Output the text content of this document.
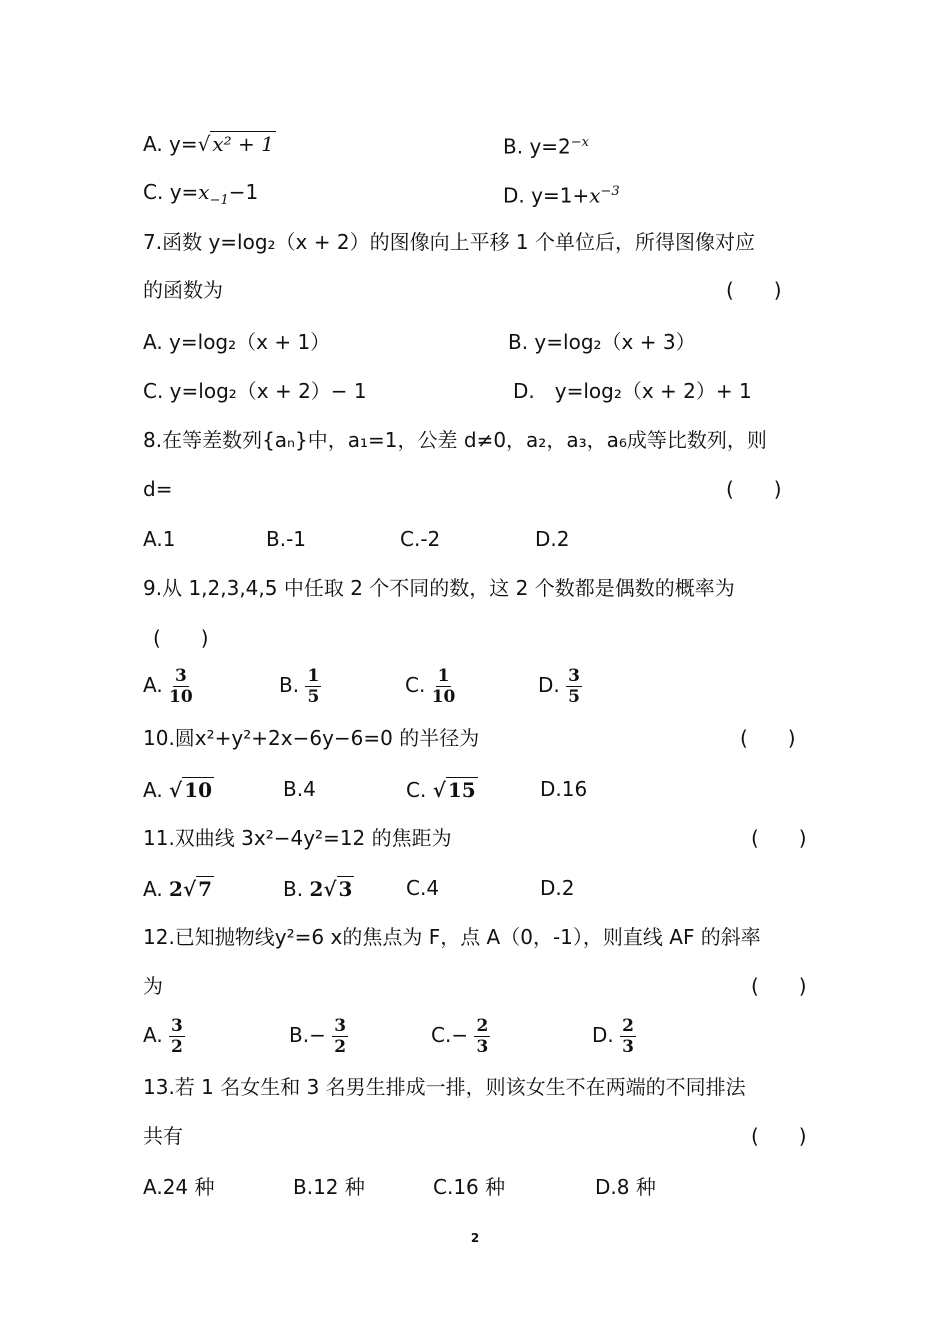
A. y=√ x² + 1	B. $y=2^{-x}$
C. $y=x_{-1}-1$	D. $y=1+x^{-3}$
7.函数 y=log₂（x + 2）的图像向上平移 1 个单位后，所得图像对应
的函数为	(　　)
A. y=log₂（x + 1）	B. y=log₂（x + 3）
C. y=log₂（x + 2）− 1	D.　y=log₂（x + 2）+ 1
8.在等差数列{aₙ}中，a₁=1，公差 d≠0，a₂，a₃，a₆成等比数列，则
d=	(　　)
A.1	B.-1	C.-2	D.2
9.从 1,2,3,4,5 中任取 2 个不同的数，这 2 个数都是偶数的概率为
(　　)
A. $\frac{3}{10}$	B. $\frac{1}{5}$	C. $\frac{1}{10}$	D. $\frac{3}{5}$
10.圆x²+y²+2x−6y−6=0 的半径为	(　　)
A. √ 10	B.4	C. √ 15	D.16
11.双曲线 3x²−4y²=12 的焦距为	(　　)
A. 2√ 7	B. 2√ 3	C.4	D.2
12.已知抛物线y²=6 x的焦点为 F，点 A（0，-1），则直线 AF 的斜率
为	(　　)
A. $\frac{3}{2}$	$B.- \frac{3}{2}$	$C.- \frac{2}{3}$	D. $\frac{2}{3}$
13.若 1 名女生和 3 名男生排成一排，则该女生不在两端的不同排法
共有	(　　)
A.24 种	B.12 种	C.16 种	D.8 种
2
